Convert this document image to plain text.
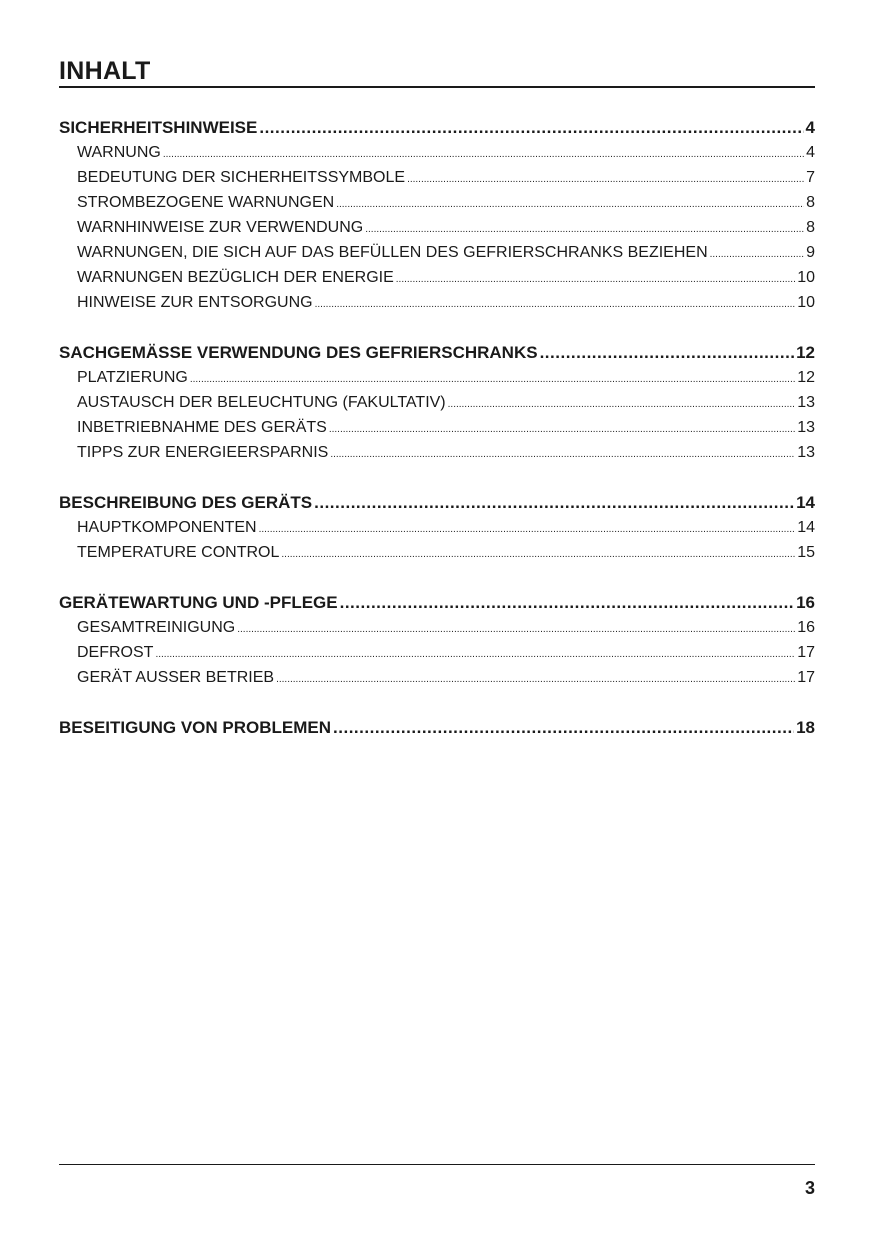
INHALT
SICHERHEITSHINWEISE .....	4
WARNUNG .....	4
BEDEUTUNG DER SICHERHEITSSYMBOLE .....	7
STROMBEZOGENE WARNUNGEN .....	8
WARNHINWEISE ZUR VERWENDUNG .....	8
WARNUNGEN, DIE SICH AUF DAS BEFÜLLEN DES GEFRIERSCHRANKS BEZIEHEN .....	9
WARNUNGEN BEZÜGLICH DER ENERGIE .....	10
HINWEISE ZUR ENTSORGUNG .....	10
SACHGEMÄSSE VERWENDUNG DES GEFRIERSCHRANKS .....	12
PLATZIERUNG .....	12
AUSTAUSCH DER BELEUCHTUNG (FAKULTATIV) .....	13
INBETRIEBNAHME DES GERÄTS .....	13
TIPPS ZUR ENERGIEERSPARNIS .....	13
BESCHREIBUNG DES GERÄTS .....	14
HAUPTKOMPONENTEN .....	14
TEMPERATURE CONTROL .....	15
GERÄTEWARTUNG UND -PFLEGE .....	16
GESAMTREINIGUNG .....	16
DEFROST .....	17
GERÄT AUSSER BETRIEB .....	17
BESEITIGUNG VON PROBLEMEN .....	18
3
